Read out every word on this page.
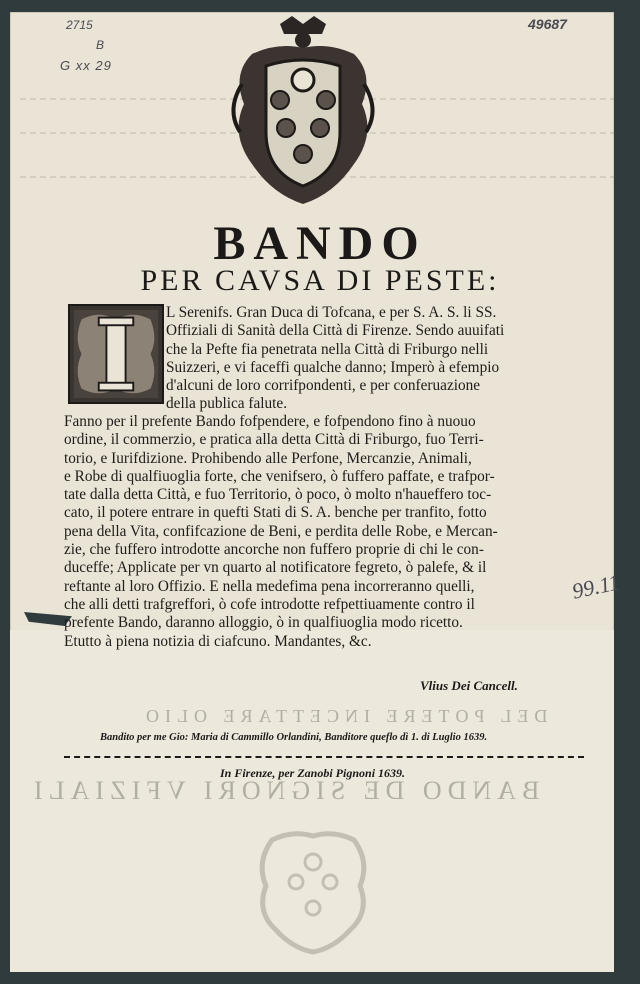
2715
B
G xx 29
49687
BANDO
PER CAVSA DI PESTE:
L Serenifs. Gran Duca di Tofcana, e per S. A. S. li SS.
Offiziali di Sanità della Città di Firenze. Sendo auuifati
che la Pefte fia penetrata nella Città di Friburgo nelli
Suizzeri, e vi faceffi qualche danno; Imperò à efempio
d'alcuni de loro corrifpondenti, e per conferuazione
della publica falute.
Fanno per il prefente Bando fofpendere, e fofpendono fino à nuouo
ordine, il commerzio, e pratica alla detta Città di Friburgo, fuo Terri-
torio, e Iurifdizione. Prohibendo alle Perfone, Mercanzie, Animali,
e Robe di qualfiuoglia forte, che venifsero, ò fuffero paffate, e trafpor-
tate dalla detta Città, e fuo Territorio, ò poco, ò molto n'haueffero toc-
cato, il potere entrare in quefti Stati di S. A. benche per tranfito, fotto
pena della Vita, confifcazione de Beni, e perdita delle Robe, e Mercan-
zie, che fuffero introdotte ancorche non fuffero proprie di chi le con-
duceffe; Applicate per vn quarto al notificatore fegreto, ò palefe, & il
reftante al loro Offizio. E nella medefima pena incorreranno quelli,
che alli detti trafgreffori, ò cofe introdotte refpettiuamente contro il
prefente Bando, daranno alloggio, ò in qualfiuoglia modo ricetto.
Etutto à piena notizia di ciafcuno. Mandantes, &c.
99.11
Vlius Dei Cancell.
DEL POTERE INCETTARE OLIO
Bandito per me Gio: Maria di Cammillo Orlandini, Banditore queflo dì 1. di Luglio 1639.
In Firenze, per Zanobi Pignoni 1639.
BANDO DE SIGNORI VFIZIALI
